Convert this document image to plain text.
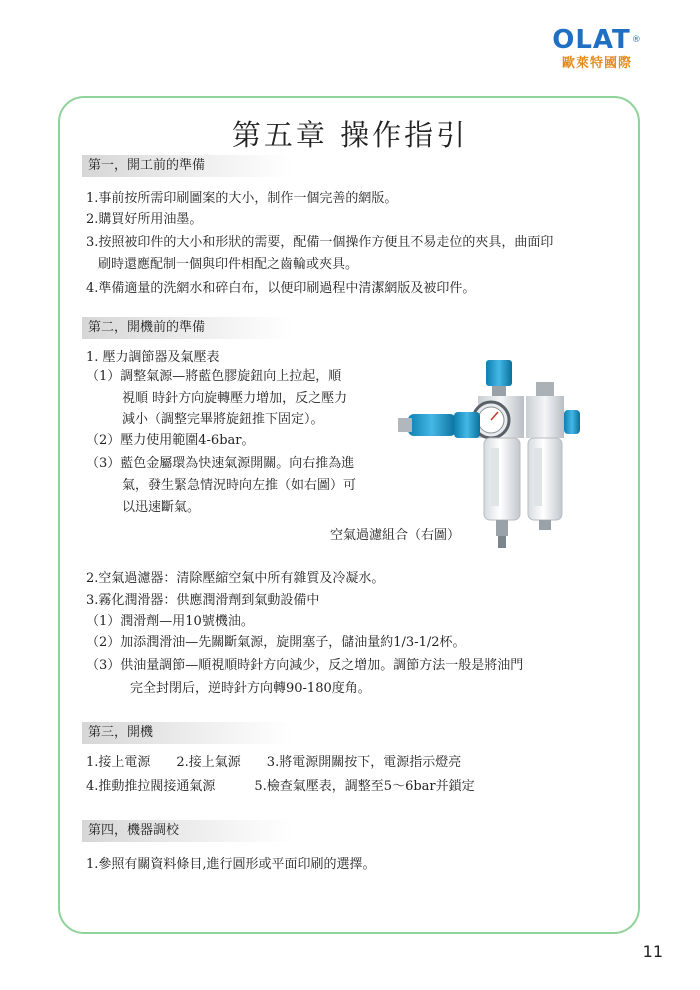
OLAT®
歐萊特國際
第五章 操作指引
第一，開工前的準備
1.事前按所需印刷圖案的大小，制作一個完善的網版。
2.購買好所用油墨。
3.按照被印件的大小和形狀的需要，配備一個操作方便且不易走位的夾具，曲面印
刷時還應配制一個與印件相配之齒輪或夾具。
4.準備適量的洗網水和碎白布，以便印刷過程中清潔網版及被印件。
第二，開機前的準備
1. 壓力調節器及氣壓表
（1）調整氣源—將藍色膠旋鈕向上拉起，順
視順 時針方向旋轉壓力增加，反之壓力
減小（調整完畢將旋鈕推下固定）。
（2）壓力使用範圍4-6bar。
（3）藍色金屬環為快速氣源開關。向右推為進
氣，發生緊急情況時向左推（如右圖）可
以迅速斷氣。
空氣過濾組合（右圖）
2.空氣過濾器：清除壓縮空氣中所有雜質及冷凝水。
3.霧化潤滑器：供應潤滑劑到氣動設備中
（1）潤滑劑—用10號機油。
（2）加添潤滑油—先關斷氣源，旋開塞子，儲油量約1/3-1/2杯。
（3）供油量調節—順視順時針方向減少，反之增加。調節方法一般是將油門
完全封閉后，逆時針方向轉90-180度角。
第三，開機
1.接上電源　　2.接上氣源　　3.將電源開關按下，電源指示燈亮
4.推動推拉閥接通氣源　　　5.檢查氣壓表，調整至5～6bar并鎖定
第四，機器調校
1.參照有關資料條目,進行圓形或平面印刷的選擇。
11
